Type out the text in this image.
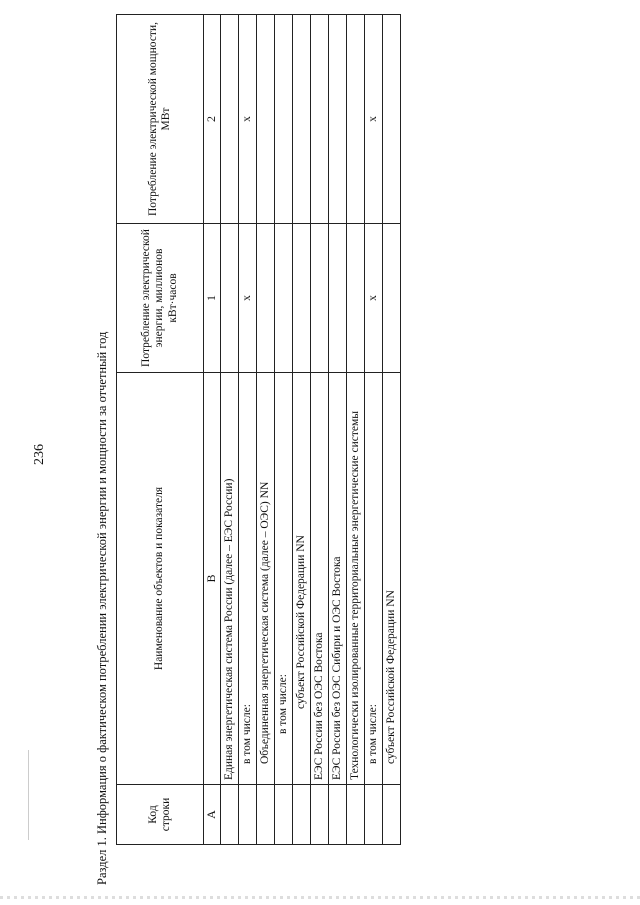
236	Раздел 1. Информация о фактическом потреблении электрической энергии и мощности за отчетный год	Код строки	Наименование объектов и показателя	Потребление электрической энергии, миллионов кВт·часов	Потребление электрической мощности, МВт
А	В	1	2
	Единая энергетическая система России (далее – ЕЭС России)		
	в том числе:	х	х
	Объединенная энергетическая система (далее – ОЭС) NN		
	в том числе:		
	субъект Российской Федерации NN		
	ЕЭС России без ОЭС Востока		
	ЕЭС России без ОЭС Сибири и ОЭС Востока		
	Технологически изолированные территориальные энергетические системы		
	в том числе:	х	х
	субъект Российской Федерации NN		
